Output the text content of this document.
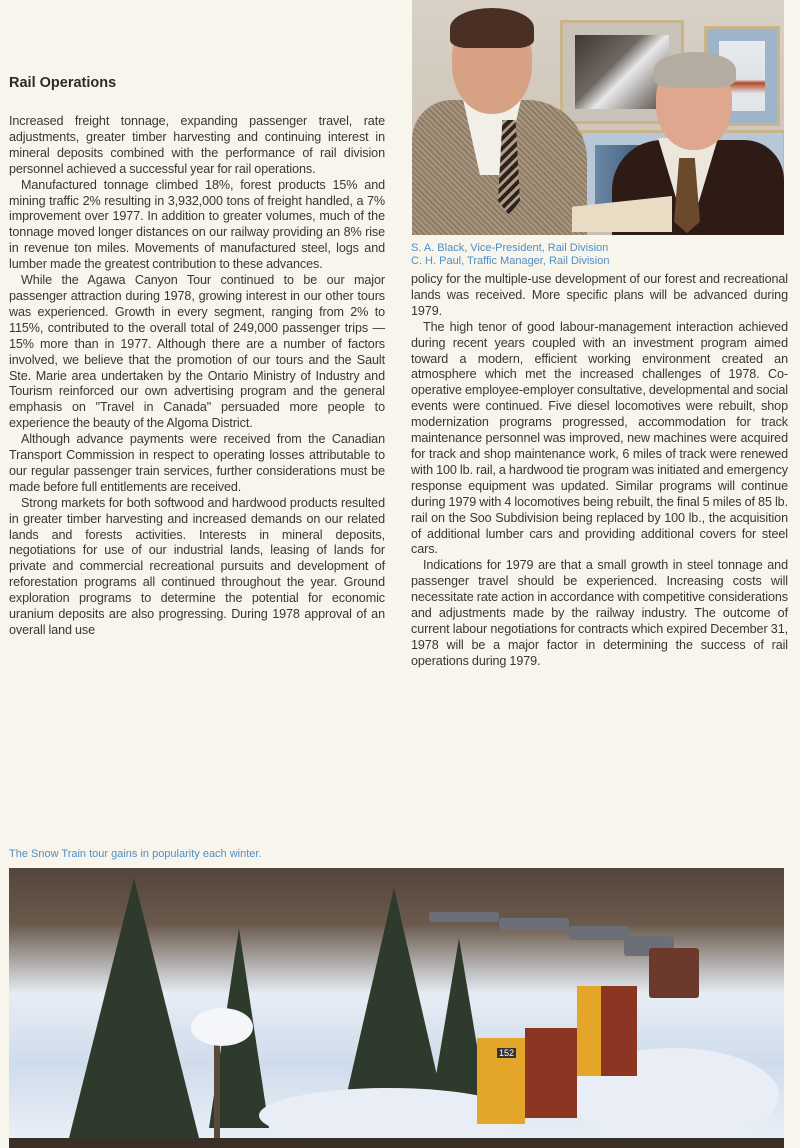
Rail Operations

Increased freight tonnage, expanding passenger travel, rate adjustments, greater timber harvesting and continuing interest in mineral deposits combined with the performance of rail division personnel achieved a successful year for rail operations.

Manufactured tonnage climbed 18%, forest products 15% and mining traffic 2% resulting in 3,932,000 tons of freight handled, a 7% improvement over 1977. In addition to greater volumes, much of the tonnage moved longer distances on our railway providing an 8% rise in revenue ton miles. Movements of manufactured steel, logs and lumber made the greatest contribution to these advances.

While the Agawa Canyon Tour continued to be our major passenger attraction during 1978, growing interest in our other tours was experienced. Growth in every segment, ranging from 2% to 115%, contributed to the overall total of 249,000 passenger trips — 15% more than in 1977. Although there are a number of factors involved, we believe that the promotion of our tours and the Sault Ste. Marie area undertaken by the Ontario Ministry of Industry and Tourism reinforced our own advertising program and the general emphasis on "Travel in Canada" persuaded more people to experience the beauty of the Algoma District.

Although advance payments were received from the Canadian Transport Commission in respect to operating losses attributable to our regular passenger train services, further considerations must be made before full entitlements are received.

Strong markets for both softwood and hardwood products resulted in greater timber harvesting and increased demands on our related lands and forests activities. Interests in mineral deposits, negotiations for use of our industrial lands, leasing of lands for private and commercial recreational pursuits and development of reforestation programs all continued throughout the year. Ground exploration programs to determine the potential for economic uranium deposits are also progressing. During 1978 approval of an overall land use

S. A. Black, Vice-President, Rail Division
C. H. Paul, Traffic Manager, Rail Division

policy for the multiple-use development of our forest and recreational lands was received. More specific plans will be advanced during 1979.

The high tenor of good labour-management interaction achieved during recent years coupled with an investment program aimed toward a modern, efficient working environment created an atmosphere which met the increased challenges of 1978. Co-operative employee-employer consultative, developmental and social events were continued. Five diesel locomotives were rebuilt, shop modernization programs progressed, accommodation for track maintenance personnel was improved, new machines were acquired for track and shop maintenance work, 6 miles of track were renewed with 100 lb. rail, a hardwood tie program was initiated and emergency response equipment was updated. Similar programs will continue during 1979 with 4 locomotives being rebuilt, the final 5 miles of 85 lb. rail on the Soo Subdivision being replaced by 100 lb., the acquisition of additional lumber cars and providing additional covers for steel cars.

Indications for 1979 are that a small growth in steel tonnage and passenger travel should be experienced. Increasing costs will necessitate rate action in accordance with competitive considerations and adjustments made by the railway industry. The outcome of current labour negotiations for contracts which expired December 31, 1978 will be a major factor in determining the success of rail operations during 1979.

The Snow Train tour gains in popularity each winter.
152
